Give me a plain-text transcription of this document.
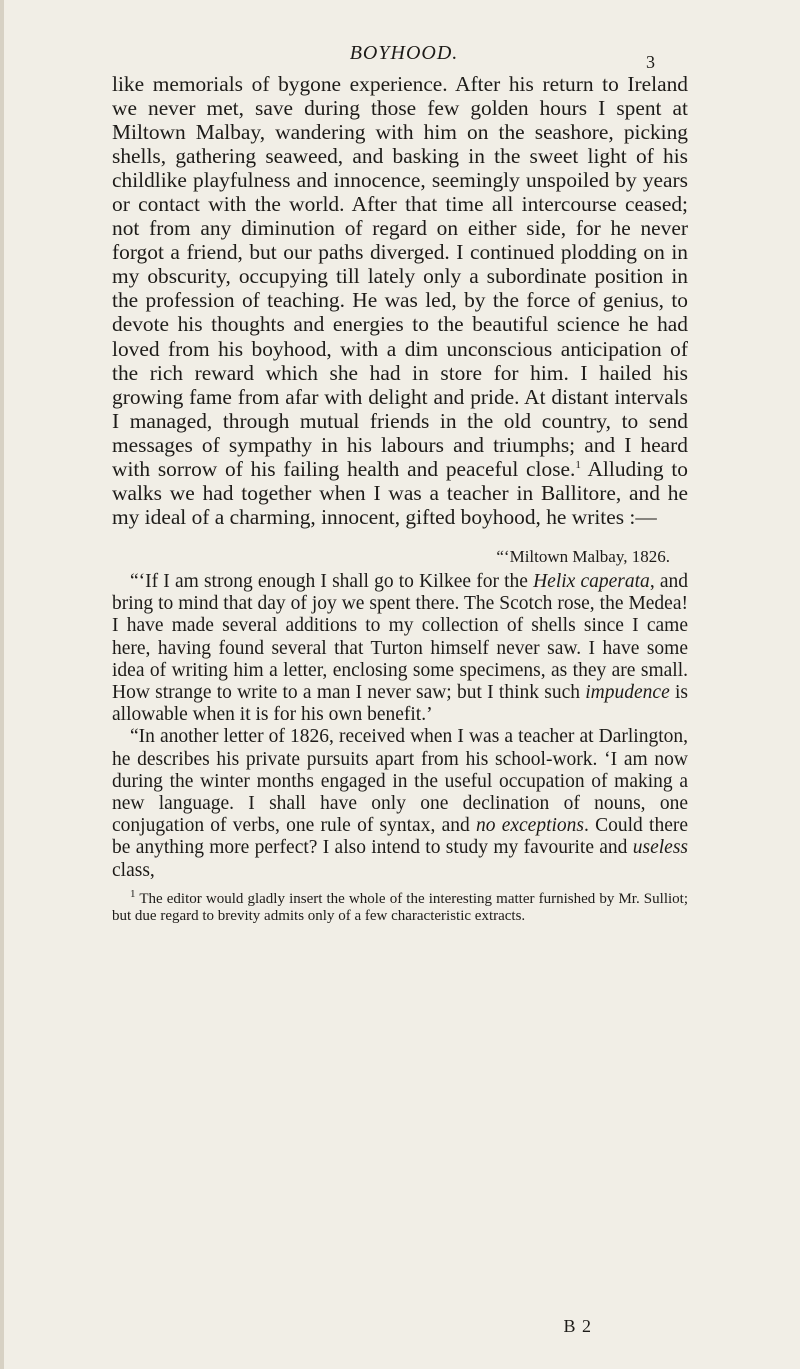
BOYHOOD.	3

like memorials of bygone experience. After his return to Ireland we never met, save during those few golden hours I spent at Miltown Malbay, wandering with him on the seashore, picking shells, gathering seaweed, and basking in the sweet light of his childlike playfulness and innocence, seemingly unspoiled by years or contact with the world. After that time all intercourse ceased; not from any diminution of regard on either side, for he never forgot a friend, but our paths diverged. I continued plodding on in my obscurity, occupying till lately only a subordinate position in the profession of teaching. He was led, by the force of genius, to devote his thoughts and energies to the beautiful science he had loved from his boyhood, with a dim unconscious anticipation of the rich reward which she had in store for him. I hailed his growing fame from afar with delight and pride. At distant intervals I managed, through mutual friends in the old country, to send messages of sympathy in his labours and triumphs; and I heard with sorrow of his failing health and peaceful close.$^1$ Alluding to walks we had together when I was a teacher in Ballitore, and he my ideal of a charming, innocent, gifted boyhood, he writes :—

“‘Miltown Malbay, 1826.

“‘If I am strong enough I shall go to Kilkee for the Helix caperata, and bring to mind that day of joy we spent there. The Scotch rose, the Medea! I have made several additions to my collection of shells since I came here, having found several that Turton himself never saw. I have some idea of writing him a letter, enclosing some specimens, as they are small. How strange to write to a man I never saw; but I think such impudence is allowable when it is for his own benefit.’

“In another letter of 1826, received when I was a teacher at Darlington, he describes his private pursuits apart from his school-work. ‘I am now during the winter months engaged in the useful occupation of making a new language. I shall have only one declination of nouns, one conjugation of verbs, one rule of syntax, and no exceptions. Could there be anything more perfect? I also intend to study my favourite and useless class,

$^1$ The editor would gladly insert the whole of the interesting matter furnished by Mr. Sulliot; but due regard to brevity admits only of a few characteristic extracts.

B 2
